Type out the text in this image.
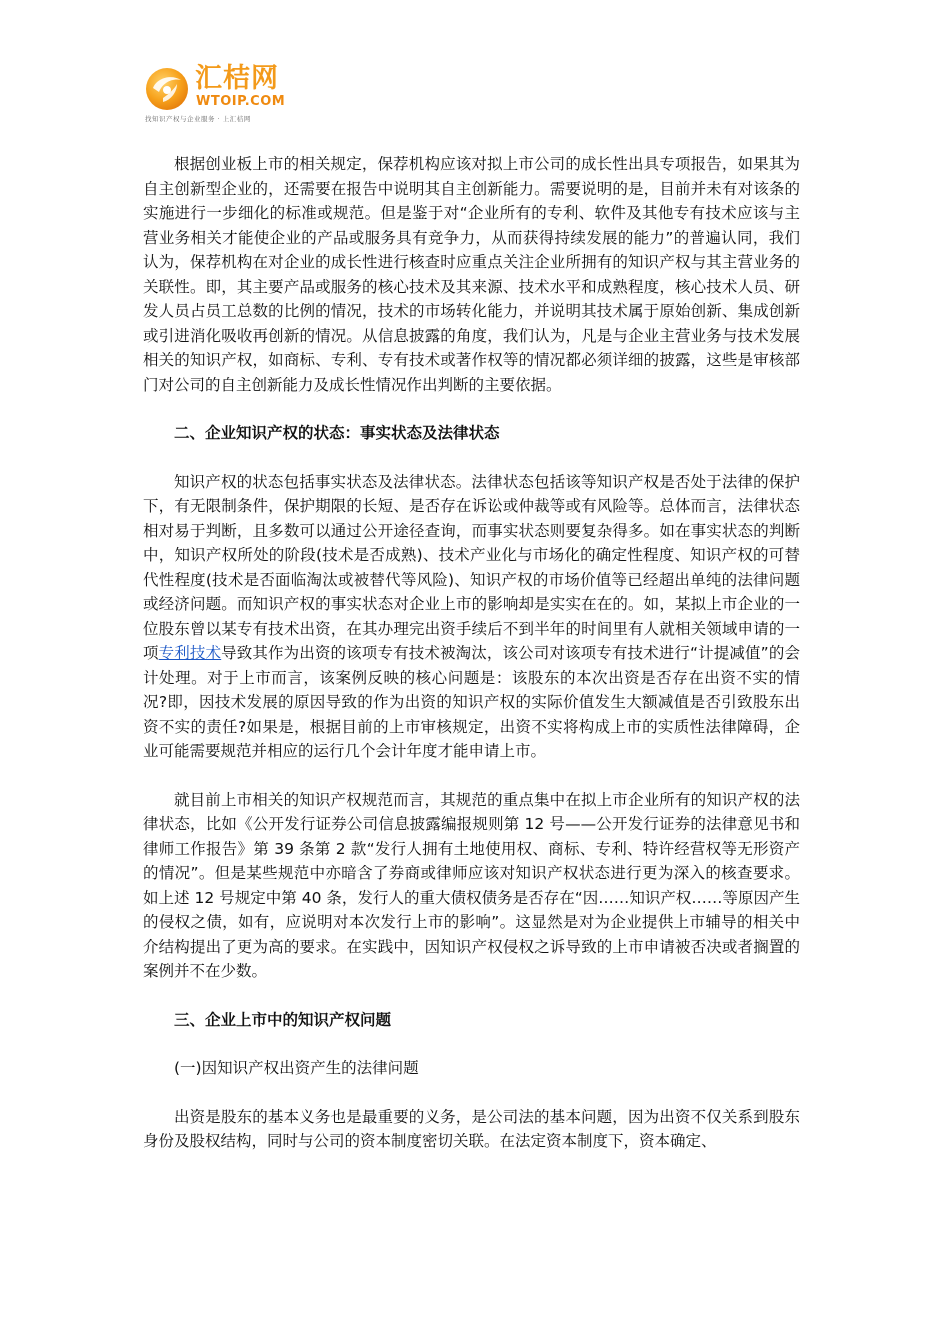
汇桔网
WTOIP.COM
找知识产权与企业服务 · 上汇桔网

根据创业板上市的相关规定，保荐机构应该对拟上市公司的成长性出具专项报告，如果其为自主创新型企业的，还需要在报告中说明其自主创新能力。需要说明的是，目前并未有对该条的实施进行一步细化的标准或规范。但是鉴于对“企业所有的专利、软件及其他专有技术应该与主营业务相关才能使企业的产品或服务具有竞争力，从而获得持续发展的能力”的普遍认同，我们认为，保荐机构在对企业的成长性进行核查时应重点关注企业所拥有的知识产权与其主营业务的关联性。即，其主要产品或服务的核心技术及其来源、技术水平和成熟程度，核心技术人员、研发人员占员工总数的比例的情况，技术的市场转化能力，并说明其技术属于原始创新、集成创新或引进消化吸收再创新的情况。从信息披露的角度，我们认为，凡是与企业主营业务与技术发展相关的知识产权，如商标、专利、专有技术或著作权等的情况都必须详细的披露，这些是审核部门对公司的自主创新能力及成长性情况作出判断的主要依据。

二、企业知识产权的状态：事实状态及法律状态

知识产权的状态包括事实状态及法律状态。法律状态包括该等知识产权是否处于法律的保护下，有无限制条件，保护期限的长短、是否存在诉讼或仲裁等或有风险等。总体而言，法律状态相对易于判断，且多数可以通过公开途径查询，而事实状态则要复杂得多。如在事实状态的判断中，知识产权所处的阶段(技术是否成熟)、技术产业化与市场化的确定性程度、知识产权的可替代性程度(技术是否面临淘汰或被替代等风险)、知识产权的市场价值等已经超出单纯的法律问题或经济问题。而知识产权的事实状态对企业上市的影响却是实实在在的。如，某拟上市企业的一位股东曾以某专有技术出资，在其办理完出资手续后不到半年的时间里有人就相关领域申请的一项专利技术导致其作为出资的该项专有技术被淘汰，该公司对该项专有技术进行“计提减值”的会计处理。对于上市而言，该案例反映的核心问题是：该股东的本次出资是否存在出资不实的情况?即，因技术发展的原因导致的作为出资的知识产权的实际价值发生大额减值是否引致股东出资不实的责任?如果是，根据目前的上市审核规定，出资不实将构成上市的实质性法律障碍，企业可能需要规范并相应的运行几个会计年度才能申请上市。

就目前上市相关的知识产权规范而言，其规范的重点集中在拟上市企业所有的知识产权的法律状态，比如《公开发行证券公司信息披露编报规则第 12 号——公开发行证券的法律意见书和律师工作报告》第 39 条第 2 款“发行人拥有土地使用权、商标、专利、特许经营权等无形资产的情况”。但是某些规范中亦暗含了券商或律师应该对知识产权状态进行更为深入的核查要求。如上述 12 号规定中第 40 条，发行人的重大债权债务是否存在“因……知识产权……等原因产生的侵权之债，如有，应说明对本次发行上市的影响”。这显然是对为企业提供上市辅导的相关中介结构提出了更为高的要求。在实践中，因知识产权侵权之诉导致的上市申请被否决或者搁置的案例并不在少数。

三、企业上市中的知识产权问题

(一)因知识产权出资产生的法律问题

出资是股东的基本义务也是最重要的义务，是公司法的基本问题，因为出资不仅关系到股东身份及股权结构，同时与公司的资本制度密切关联。在法定资本制度下，资本确定、
